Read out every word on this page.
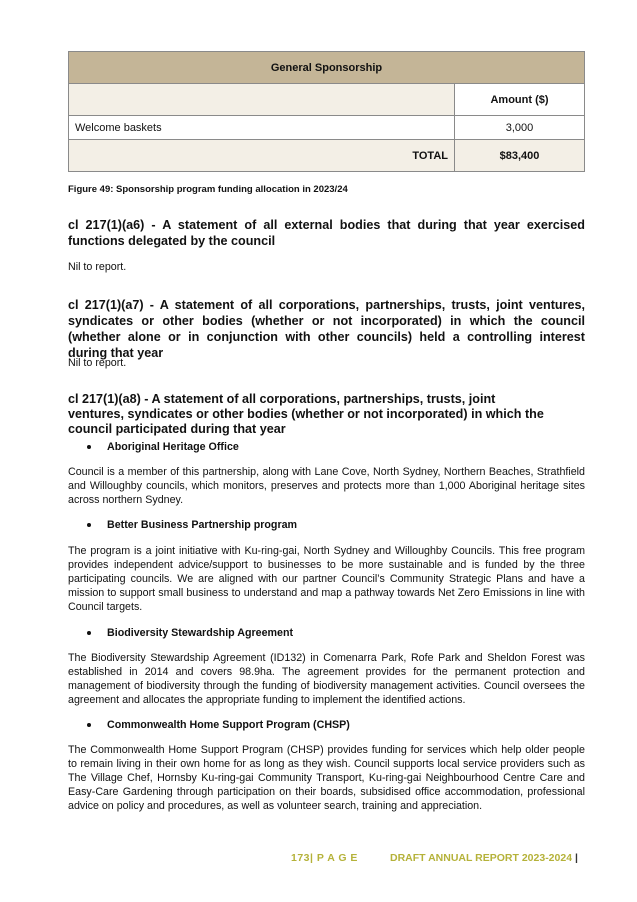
General Sponsorship	
	Amount ($)
Welcome baskets	3,000
TOTAL	$83,400
Figure 49: Sponsorship program funding allocation in 2023/24
cl 217(1)(a6) - A statement of all external bodies that during that year exercised functions delegated by the council
Nil to report.
cl 217(1)(a7) - A statement of all corporations, partnerships, trusts, joint ventures, syndicates or other bodies (whether or not incorporated) in which the council (whether alone or in conjunction with other councils) held a controlling interest during that year
Nil to report.
cl 217(1)(a8) - A statement of all corporations, partnerships, trusts, joint ventures, syndicates or other bodies (whether or not incorporated) in which the council participated during that year
Aboriginal Heritage Office
Council is a member of this partnership, along with Lane Cove, North Sydney, Northern Beaches, Strathfield and Willoughby councils, which monitors, preserves and protects more than 1,000 Aboriginal heritage sites across northern Sydney.
Better Business Partnership program
The program is a joint initiative with Ku-ring-gai, North Sydney and Willoughby Councils. This free program provides independent advice/support to businesses to be more sustainable and is funded by the three participating councils. We are aligned with our partner Council’s Community Strategic Plans and have a mission to support small business to understand and map a pathway towards Net Zero Emissions in line with Council targets.
Biodiversity Stewardship Agreement
The Biodiversity Stewardship Agreement (ID132) in Comenarra Park, Rofe Park and Sheldon Forest was established in 2014 and covers 98.9ha. The agreement provides for the permanent protection and management of biodiversity through the funding of biodiversity management activities. Council oversees the agreement and allocates the appropriate funding to implement the identified actions.
Commonwealth Home Support Program (CHSP)
The Commonwealth Home Support Program (CHSP) provides funding for services which help older people to remain living in their own home for as long as they wish. Council supports local service providers such as The Village Chef, Hornsby Ku-ring-gai Community Transport, Ku-ring-gai Neighbourhood Centre Care and Easy-Care Gardening through participation on their boards, subsidised office accommodation, professional advice on policy and procedures, as well as volunteer search, training and appreciation.
173| P A G E	DRAFT ANNUAL REPORT 2023-2024 |
